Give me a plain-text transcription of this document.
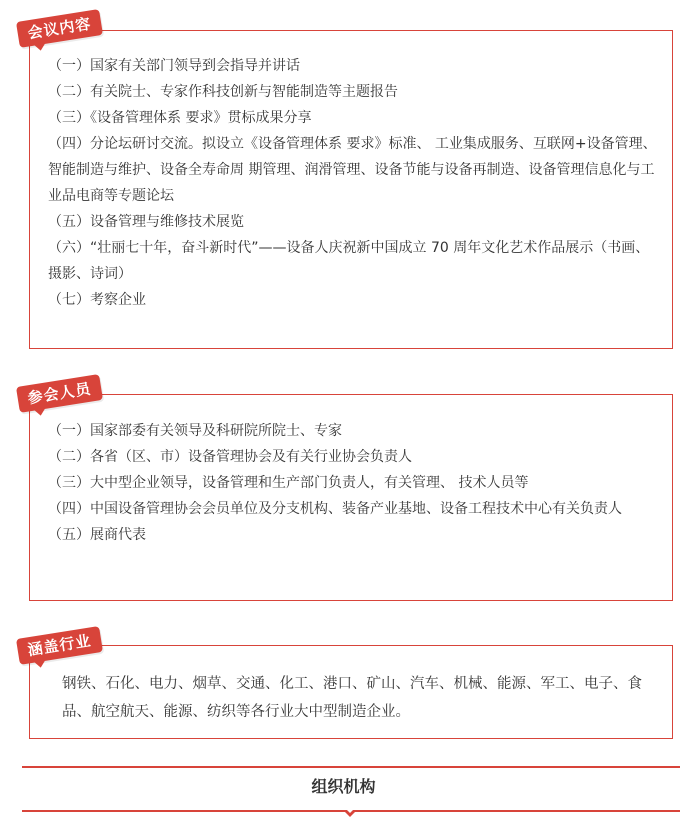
（一）国家有关部门领导到会指导并讲话
（二）有关院士、专家作科技创新与智能制造等主题报告
（三）《设备管理体系 要求》贯标成果分享
（四）分论坛研讨交流。拟设立《设备管理体系 要求》标准、 工业集成服务、互联网+设备管理、智能制造与维护、设备全寿命周 期管理、润滑管理、设备节能与设备再制造、设备管理信息化与工 业品电商等专题论坛
（五）设备管理与维修技术展览
（六）“壮丽七十年，奋斗新时代”——设备人庆祝新中国成立 70 周年文化艺术作品展示（书画、摄影、诗词）
（七）考察企业
会议内容
（一）国家部委有关领导及科研院所院士、专家
（二）各省（区、市）设备管理协会及有关行业协会负责人
（三）大中型企业领导，设备管理和生产部门负责人，有关管理、 技术人员等
（四）中国设备管理协会会员单位及分支机构、装备产业基地、设备工程技术中心有关负责人
（五）展商代表
参会人员
钢铁、石化、电力、烟草、交通、化工、港口、矿山、汽车、机械、能源、军工、电子、食品、航空航天、能源、纺织等各行业大中型制造企业。
涵盖行业
组织机构
